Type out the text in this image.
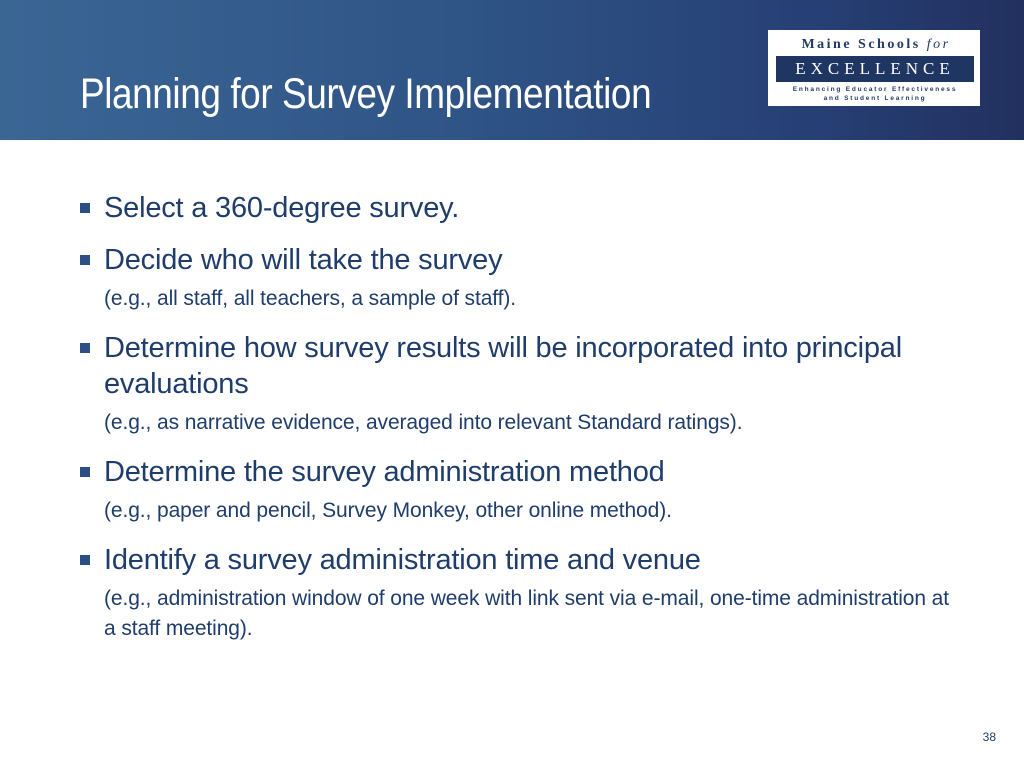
Planning for Survey Implementation
Maine Schools for
EXCELLENCE
Enhancing Educator Effectiveness
and Student Learning
Select a 360-degree survey.
Decide who will take the survey
(e.g., all staff, all teachers, a sample of staff).
Determine how survey results will be incorporated into principal evaluations
(e.g., as narrative evidence, averaged into relevant Standard ratings).
Determine the survey administration method
(e.g., paper and pencil, Survey Monkey, other online method).
Identify a survey administration time and venue
(e.g., administration window of one week with link sent via e-mail, one-time administration at a staff meeting).
38
